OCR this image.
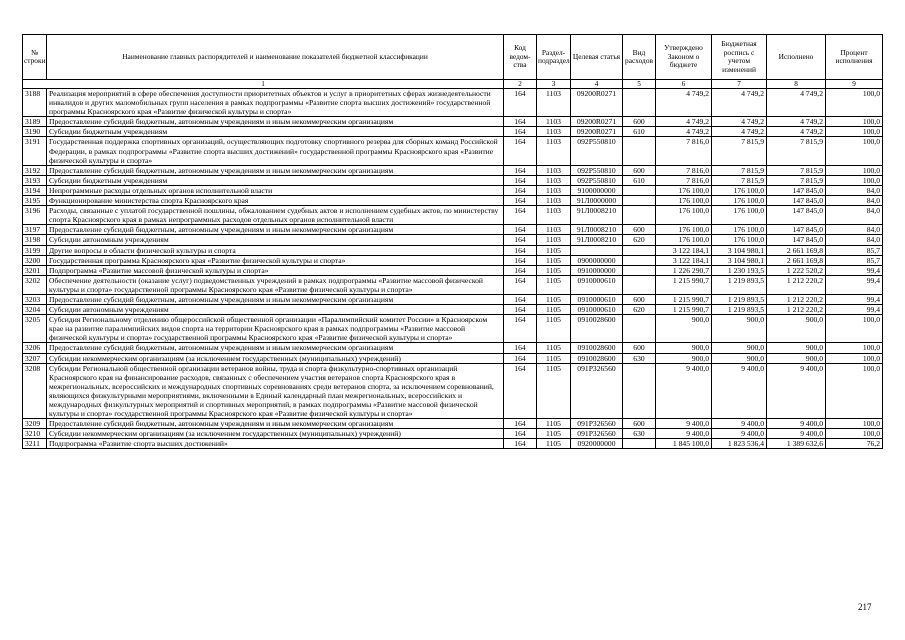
№ строки	Наименование главных распорядителей и наименование показателей бюджетной классификации	Код ведом-ства	Раздел-подраздел	Целевая статья	Вид расходов	Утверждено Законом о бюджете	Бюджетная роспись с учетом изменений	Исполнено	Процент исполнения
1		2	3	4	5	6	7	8	9
3188	Реализация мероприятий в сфере обеспечения доступности приоритетных объектов и услуг в приоритетных сферах жизнедеятельности инвалидов и других маломобильных групп населения в рамках подпрограммы «Развитие спорта высших достижений» государственной программы Красноярского края «Развитие физической культуры и спорта»	164	1103	09200R0271		4 749,2	4 749,2	4 749,2	100,0
3189	Предоставление субсидий бюджетным, автономным учреждениям и иным некоммерческим организациям	164	1103	09200R0271	600	4 749,2	4 749,2	4 749,2	100,0
3190	Субсидии бюджетным учреждениям	164	1103	09200R0271	610	4 749,2	4 749,2	4 749,2	100,0
3191	Государственная поддержка спортивных организаций, осуществляющих подготовку спортивного резерва для сборных команд Российской Федерации, в рамках подпрограммы «Развитие спорта высших достижений» государственной программы Красноярского края «Развитие физической культуры и спорта»	164	1103	092P550810		7 816,0	7 815,9	7 815,9	100,0
3192	Предоставление субсидий бюджетным, автономным учреждениям и иным некоммерческим организациям	164	1103	092P550810	600	7 816,0	7 815,9	7 815,9	100,0
3193	Субсидии бюджетным учреждениям	164	1103	092P550810	610	7 816,0	7 815,9	7 815,9	100,0
3194	Непрограммные расходы отдельных органов исполнительной власти	164	1103	9100000000		176 100,0	176 100,0	147 845,0	84,0
3195	Функционирование министерства спорта Красноярского края	164	1103	91Л0000000		176 100,0	176 100,0	147 845,0	84,0
3196	Расходы, связанные с уплатой государственной пошлины, обжалованием судебных актов и исполнением судебных актов, по министерству спорта Красноярского края в рамках непрограммных расходов отдельных органов исполнительной власти	164	1103	91Л0008210		176 100,0	176 100,0	147 845,0	84,0
3197	Предоставление субсидий бюджетным, автономным учреждениям и иным некоммерческим организациям	164	1103	91Л0008210	600	176 100,0	176 100,0	147 845,0	84,0
3198	Субсидии автономным учреждениям	164	1103	91Л0008210	620	176 100,0	176 100,0	147 845,0	84,0
3199	Другие вопросы в области физической культуры и спорта	164	1105			3 122 184,1	3 104 980,1	2 661 169,8	85,7
3200	Государственная программа Красноярского края «Развитие физической культуры и спорта»	164	1105	0900000000		3 122 184,1	3 104 980,1	2 661 169,8	85,7
3201	Подпрограмма «Развитие массовой физической культуры и спорта»	164	1105	0910000000		1 226 290,7	1 230 193,5	1 222 520,2	99,4
3202	Обеспечение деятельности (оказание услуг) подведомственных учреждений в рамках подпрограммы «Развитие массовой физической культуры и спорта» государственной программы Красноярского края «Развитие физической культуры и спорта»	164	1105	0910000610		1 215 990,7	1 219 893,5	1 212 220,2	99,4
3203	Предоставление субсидий бюджетным, автономным учреждениям и иным некоммерческим организациям	164	1105	0910000610	600	1 215 990,7	1 219 893,5	1 212 220,2	99,4
3204	Субсидии автономным учреждениям	164	1105	0910000610	620	1 215 990,7	1 219 893,5	1 212 220,2	99,4
3205	Субсидия Региональному отделению общероссийской общественной организации «Паралимпийский комитет России» в Красноярском крае на развитие паралимпийских видов спорта на территории Красноярского края в рамках подпрограммы «Развитие массовой физической культуры и спорта» государственной программы Красноярского края «Развитие физической культуры и спорта»	164	1105	0910028600		900,0	900,0	900,0	100,0
3206	Предоставление субсидий бюджетным, автономным учреждениям и иным некоммерческим организациям	164	1105	0910028600	600	900,0	900,0	900,0	100,0
3207	Субсидии некоммерческим организациям (за исключением государственных (муниципальных) учреждений)	164	1105	0910028600	630	900,0	900,0	900,0	100,0
3208	Субсидии Региональной общественной организации ветеранов войны, труда и спорта физкультурно-спортивных организаций Красноярского края на финансирование расходов, связанных с обеспечением участия ветеранов спорта Красноярского края в межрегиональных, всероссийских и международных спортивных соревнованиях среди ветеранов спорта, за исключением соревнований, являющихся физкультурными мероприятиями, включенными в Единый календарный план межрегиональных, всероссийских и международных физкультурных мероприятий и спортивных мероприятий, в рамках подпрограммы «Развитие массовой физической культуры и спорта» государственной программы Красноярского края «Развитие физической культуры и спорта»	164	1105	091P326560		9 400,0	9 400,0	9 400,0	100,0
3209	Предоставление субсидий бюджетным, автономным учреждениям и иным некоммерческим организациям	164	1105	091P326560	600	9 400,0	9 400,0	9 400,0	100,0
3210	Субсидии некоммерческим организациям (за исключением государственных (муниципальных) учреждений)	164	1105	091P326560	630	9 400,0	9 400,0	9 400,0	100,0
3211	Подпрограмма «Развитие спорта высших достижений»	164	1105	0920000000		1 845 100,0	1 823 536,4	1 389 632,6	76,2
217
